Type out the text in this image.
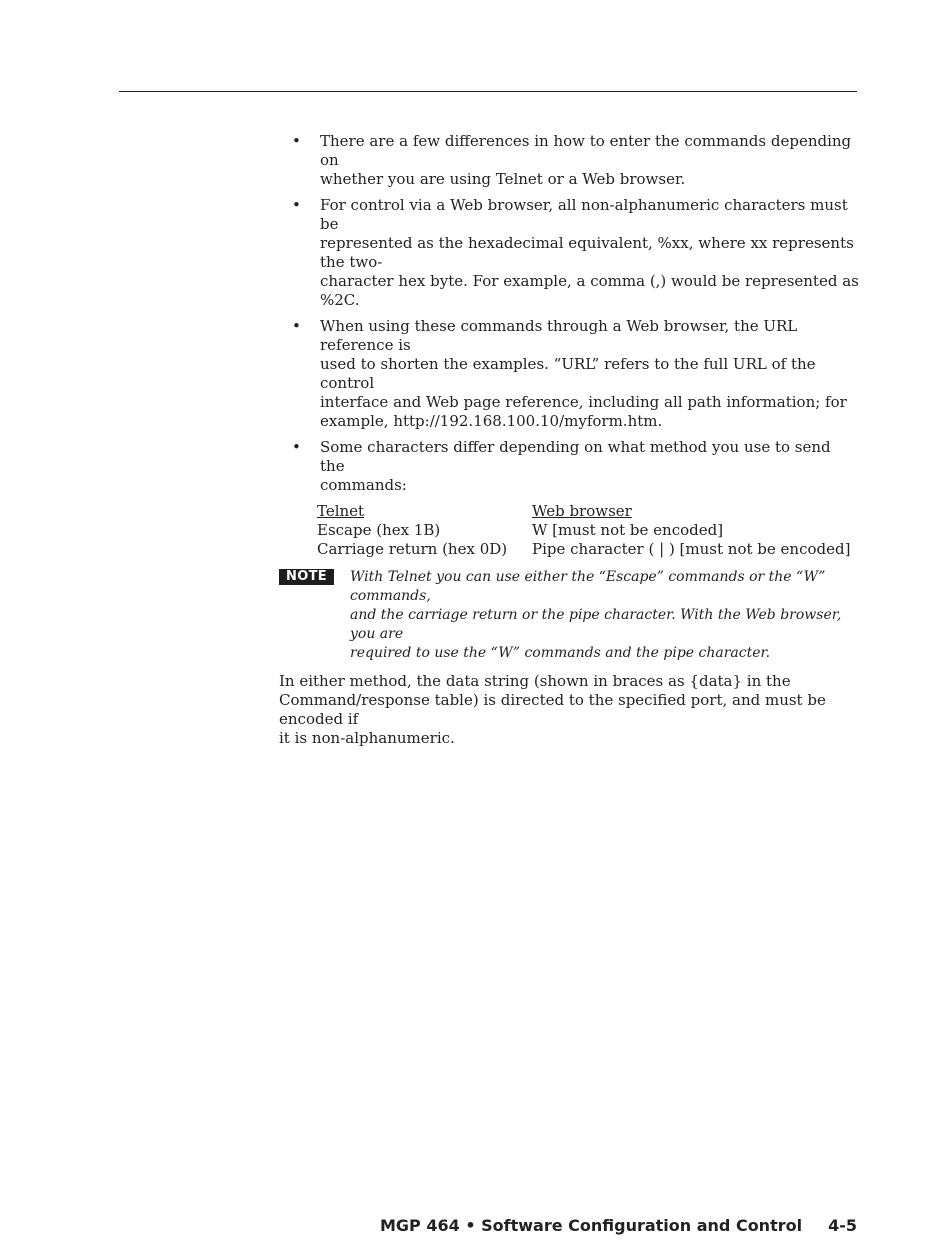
• There are a few differences in how to enter the commands depending on
whether you are using Telnet or a Web browser.
• For control via a Web browser, all non-alphanumeric characters must be
represented as the hexadecimal equivalent, %xx, where xx represents the two-
character hex byte. For example, a comma (,) would be represented as %2C.
• When using these commands through a Web browser, the URL reference is
used to shorten the examples. “URL” refers to the full URL of the control
interface and Web page reference, including all path information; for
example, http://192.168.100.10/myform.htm.
• Some characters differ depending on what method you use to send the
commands:
Telnet	Web browser
Escape (hex 1B)	W [must not be encoded]
Carriage return (hex 0D)	Pipe character ( | ) [must not be encoded]
NOTE	With Telnet you can use either the “Escape” commands or the “W” commands,
and the carriage return or the pipe character. With the Web browser, you are
required to use the “W” commands and the pipe character.
In either method, the data string (shown in braces as {data} in the
Command/response table) is directed to the specified port, and must be encoded if
it is non-alphanumeric.
MGP 464 • Software Configuration and Control 4-5
